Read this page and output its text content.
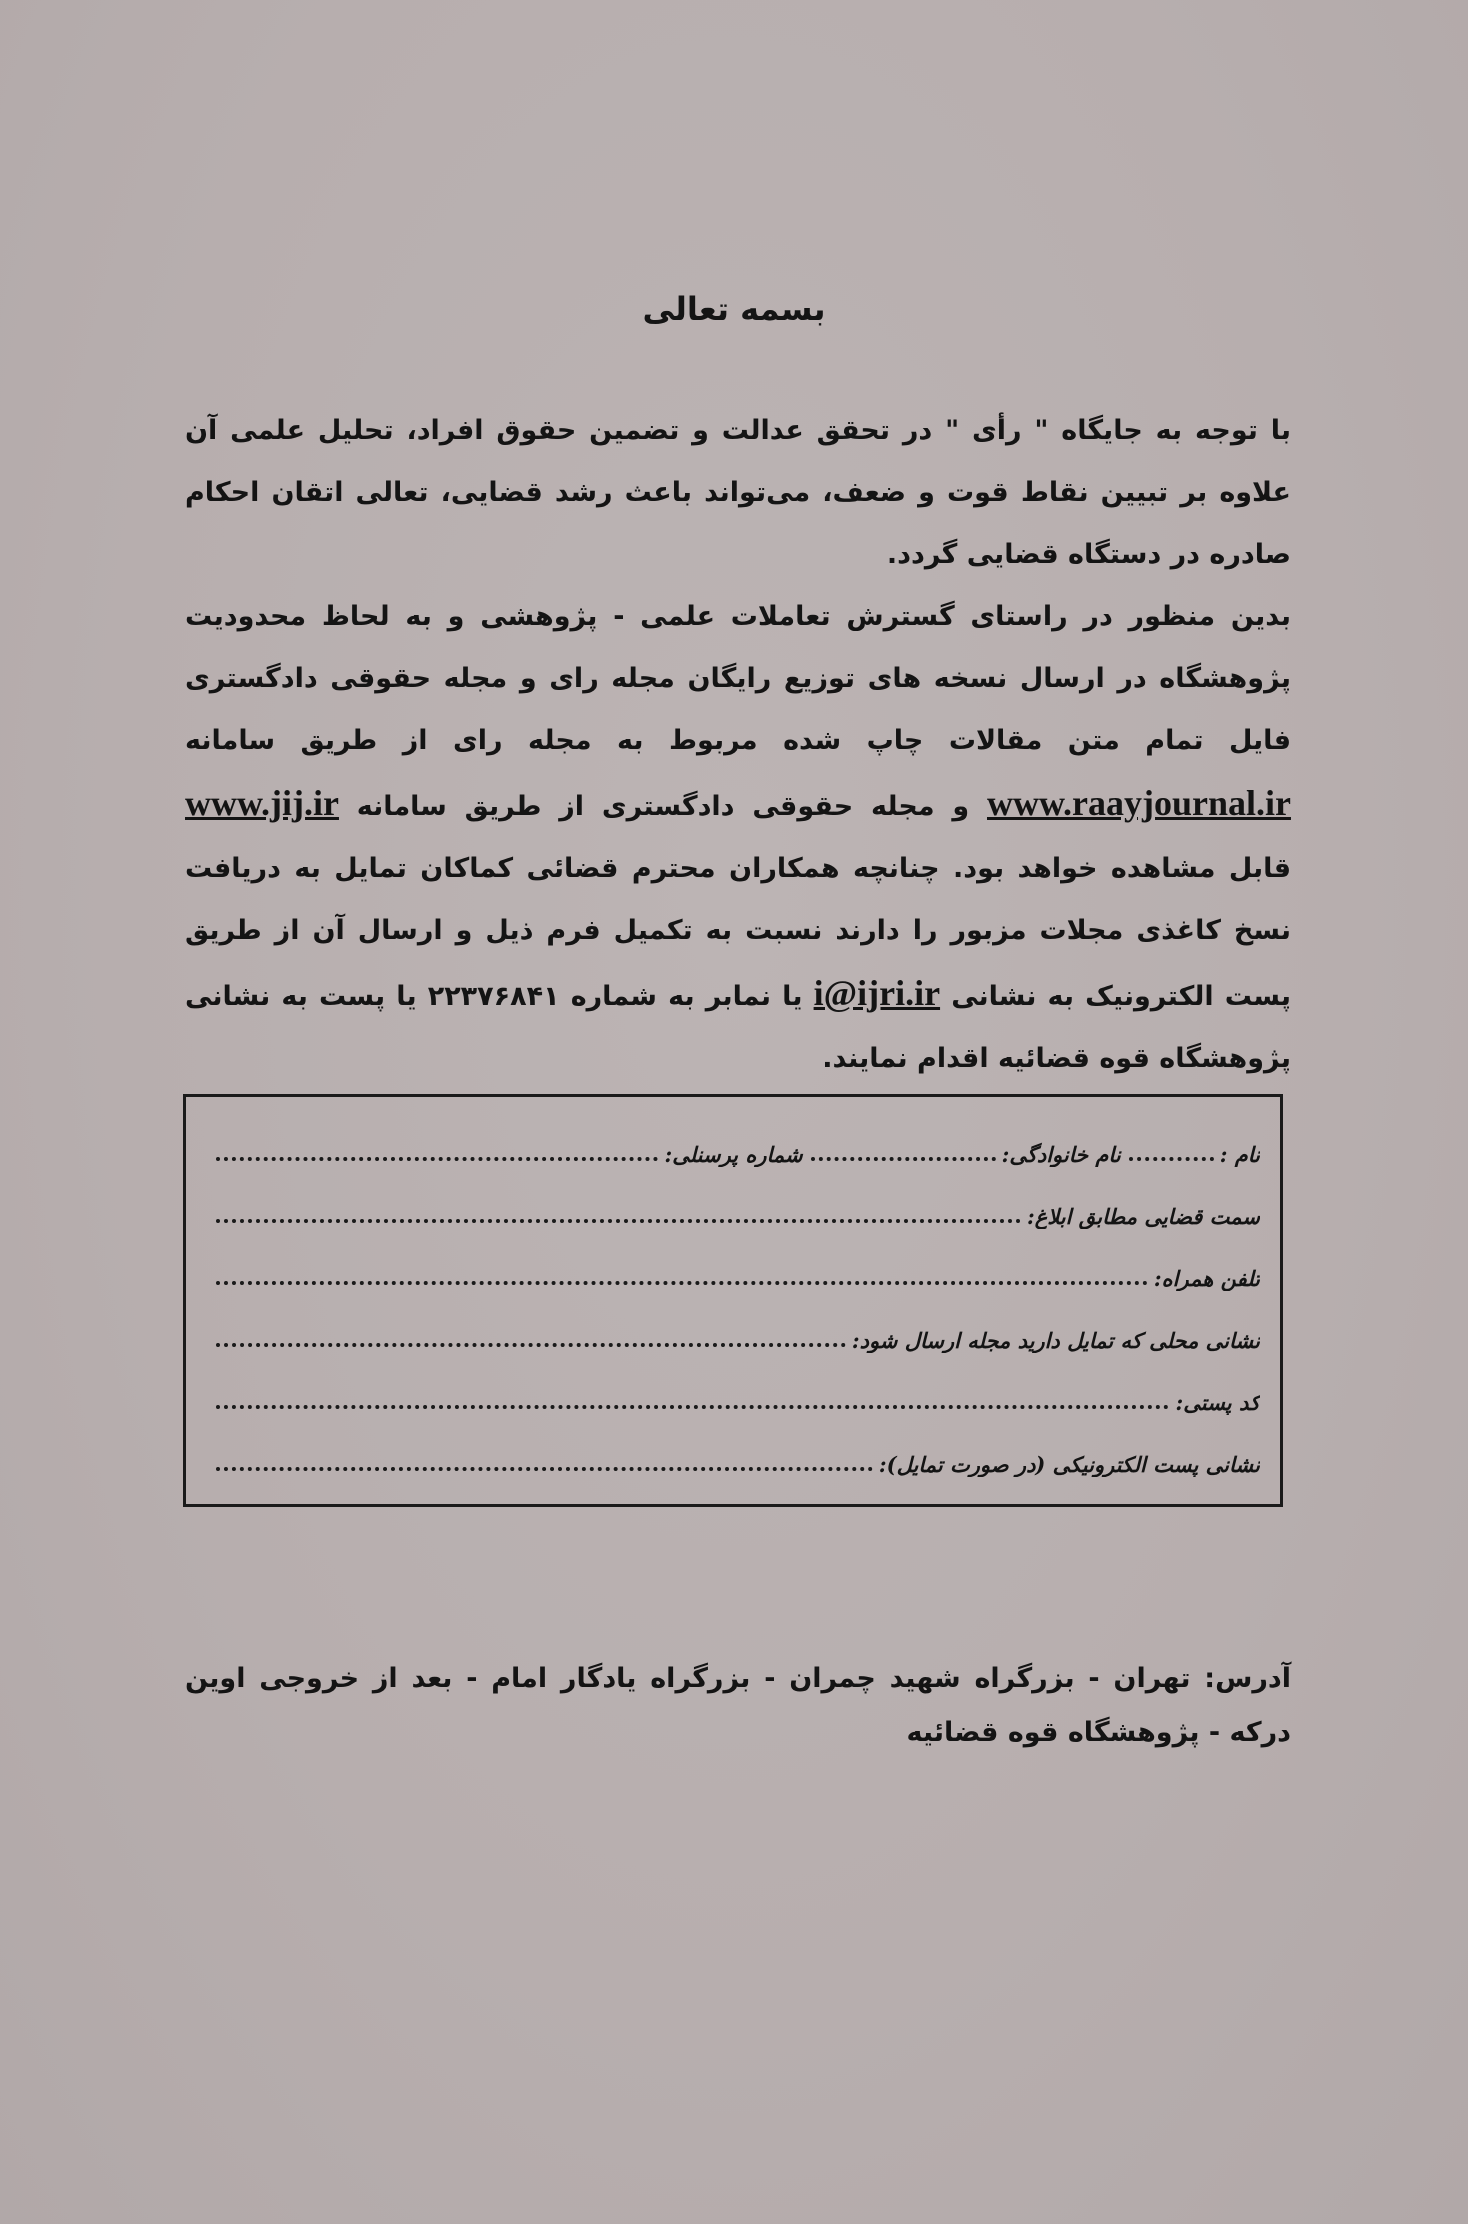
بسمه تعالی

با توجه به جایگاه " رأی " در تحقق عدالت و تضمین حقوق افراد، تحلیل علمی آن علاوه بر تبیین نقاط قوت و ضعف، می‌تواند باعث رشد قضایی، تعالی اتقان احکام صادره در دستگاه قضایی گردد.

بدین منظور در راستای گسترش تعاملات علمی - پژوهشی و به لحاظ محدودیت پژوهشگاه در ارسال نسخه های توزیع رایگان مجله رای و مجله حقوقی دادگستری فایل تمام متن مقالات چاپ شده مربوط به مجله رای از طریق سامانه www.raayjournal.ir و مجله حقوقی دادگستری از طریق سامانه www.jij.ir قابل مشاهده خواهد بود. چنانچه همکاران محترم قضائی کماکان تمایل به دریافت نسخ کاغذی مجلات مزبور را دارند نسبت به تکمیل فرم ذیل و ارسال آن از طریق پست الکترونیک به نشانی i@ijri.ir یا نمابر به شماره ۲۲۳۷۶۸۴۱ یا پست به نشانی پژوهشگاه قوه قضائیه اقدام نمایند.

نام :
نام خانوادگی:
شماره پرسنلی:
سمت قضایی مطابق ابلاغ:
تلفن همراه:
نشانی محلی که تمایل دارید مجله ارسال شود:
کد پستی:
نشانی پست الکترونیکی (در صورت تمایل):

آدرس: تهران - بزرگراه شهید چمران - بزرگراه یادگار امام - بعد از خروجی اوین درکه - پژوهشگاه قوه قضائیه
